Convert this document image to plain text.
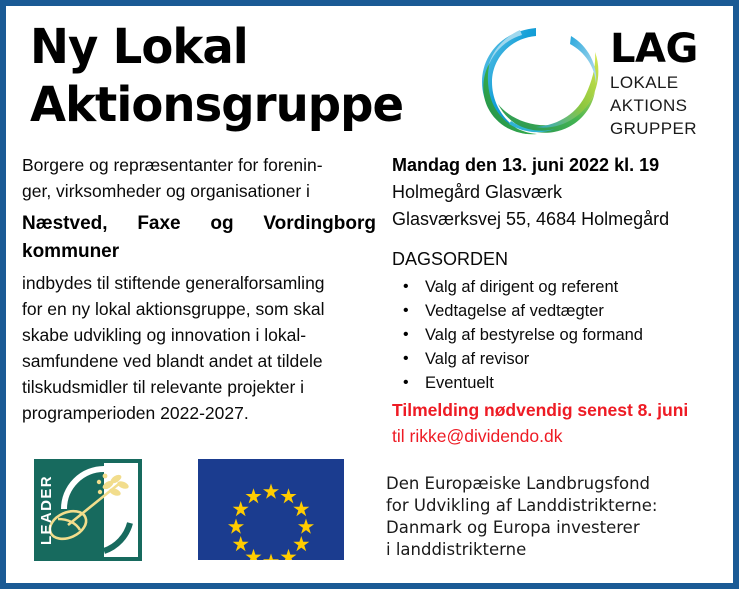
Ny Lokal
Aktionsgruppe
LAG
LOKALE
AKTIONS
GRUPPER

Borgere og repræsentanter for forenin-
ger, virksomheder og organisationer i

Næstved, Faxe og Vordingborg
kommuner

indbydes til stiftende generalforsamling
for en ny lokal aktionsgruppe, som skal
skabe udvikling og innovation i lokal-
samfundene ved blandt andet at tildele
tilskudsmidler til relevante projekter i
programperioden 2022-2027.

Mandag den 13. juni 2022 kl. 19
Holmegård Glasværk
Glasværksvej 55, 4684 Holmegård
DAGSORDEN
• Valg af dirigent og referent
• Vedtagelse af vedtægter
• Valg af bestyrelse og formand
• Valg af revisor
• Eventuelt
Tilmelding nødvendig senest 8. juni
til rikke@dividendo.dk
LEADER	Den Europæiske Landbrugsfond
for Udvikling af Landdistrikterne:
Danmark og Europa investerer
i landdistrikterne
